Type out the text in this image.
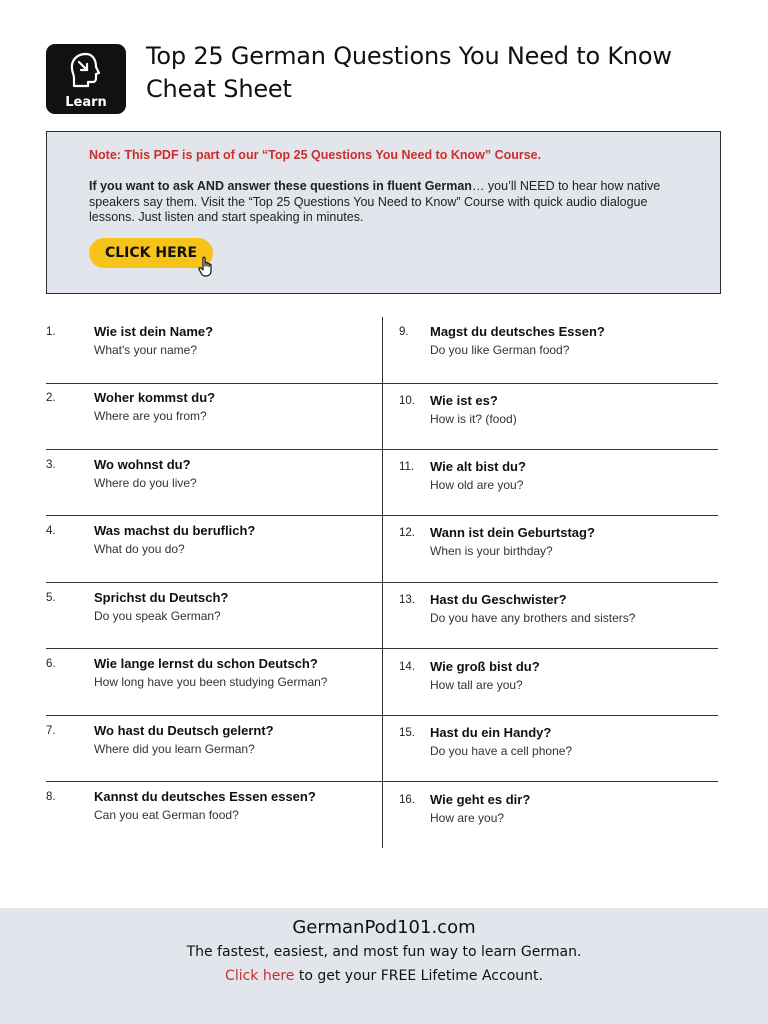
Learn
Top 25 German Questions You Need to Know Cheat Sheet
Note: This PDF is part of our “Top 25 Questions You Need to Know” Course.
If you want to ask AND answer these questions in fluent German… you’ll NEED to hear how native speakers say them. Visit the “Top 25 Questions You Need to Know” Course with quick audio dialogue lessons. Just listen and start speaking in minutes.
CLICK HERE
1.	Wie ist dein Name?
What's your name?
2.	Woher kommst du?
Where are you from?
3.	Wo wohnst du?
Where do you live?
4.	Was machst du beruflich?
What do you do?
5.	Sprichst du Deutsch?
Do you speak German?
6.	Wie lange lernst du schon Deutsch?
How long have you been studying German?
7.	Wo hast du Deutsch gelernt?
Where did you learn German?
8.	Kannst du deutsches Essen essen?
Can you eat German food?
9.	Magst du deutsches Essen?
Do you like German food?
10.	Wie ist es?
How is it? (food)
11.	Wie alt bist du?
How old are you?
12.	Wann ist dein Geburtstag?
When is your birthday?
13.	Hast du Geschwister?
Do you have any brothers and sisters?
14.	Wie groß bist du?
How tall are you?
15.	Hast du ein Handy?
Do you have a cell phone?
16.	Wie geht es dir?
How are you?
GermanPod101.com
The fastest, easiest, and most fun way to learn German.
Click here to get your FREE Lifetime Account.
